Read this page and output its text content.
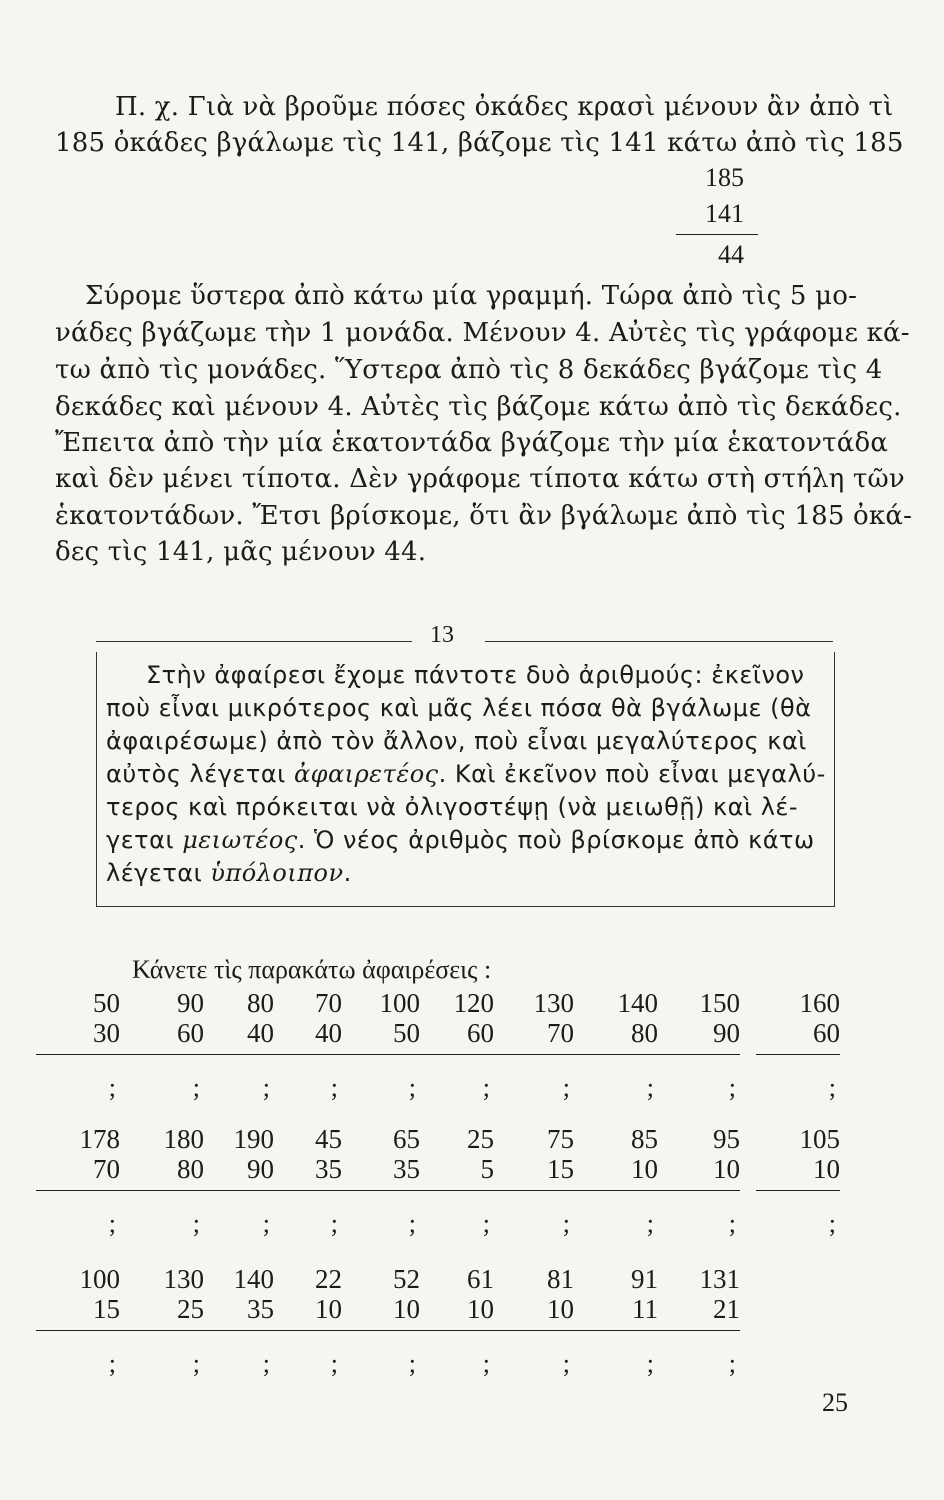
Π. χ. Γιὰ νὰ βροῦμε πόσες ὀκάδες κρασὶ μένουν ἂν ἀπὸ τὶ
185 ὀκάδες βγάλωμε τὶς 141, βάζομε τὶς 141 κάτω ἀπὸ τὶς 185
185
141
44
Σύρομε ὕστερα ἀπὸ κάτω μία γραμμή. Τώρα ἀπὸ τὶς 5 μο-
νάδες βγάζωμε τὴν 1 μονάδα. Μένουν 4. Αὐτὲς τὶς γράφομε κά-
τω ἀπὸ τὶς μονάδες. Ὕστερα ἀπὸ τὶς 8 δεκάδες βγάζομε τὶς 4
δεκάδες καὶ μένουν 4. Αὐτὲς τὶς βάζομε κάτω ἀπὸ τὶς δεκάδες.
Ἔπειτα ἀπὸ τὴν μία ἑκατοντάδα βγάζομε τὴν μία ἑκατοντάδα
καὶ δὲν μένει τίποτα. Δὲν γράφομε τίποτα κάτω στὴ στήλη τῶν
ἑκατοντάδων. Ἔτσι βρίσκομε, ὅτι ἂν βγάλωμε ἀπὸ τὶς 185 ὀκά-
δες τὶς 141, μᾶς μένουν 44.
13
Στὴν ἀφαίρεσι ἔχομε πάντοτε δυὸ ἀριθμούς: ἐκεῖνον
ποὺ εἶναι μικρότερος καὶ μᾶς λέει πόσα θὰ βγάλωμε (θὰ
ἀφαιρέσωμε) ἀπὸ τὸν ἄλλον, ποὺ εἶναι μεγαλύτερος καὶ
αὐτὸς λέγεται ἀφαιρετέος. Καὶ ἐκεῖνον ποὺ εἶναι μεγαλύ-
τερος καὶ πρόκειται νὰ ὀλιγοστέψῃ (νὰ μειωθῇ) καὶ λέ-
γεται μειωτέος. Ὁ νέος ἀριθμὸς ποὺ βρίσκομε ἀπὸ κάτω
λέγεται ὑπόλοιπον.
Κάνετε τὶς παρακάτω ἀφαιρέσεις :
50
30
;
90
60
;
80
40
;
70
40
;
100
50
;
120
60
;
130
70
;
140
80
;
150
90
;
160
60
;
178
70
;
180
80
;
190
90
;
45
35
;
65
35
;
25
5
;
75
15
;
85
10
;
95
10
;
105
10
;
100
15
;
130
25
;
140
35
;
22
10
;
52
10
;
61
10
;
81
10
;
91
11
;
131
21
;
25
